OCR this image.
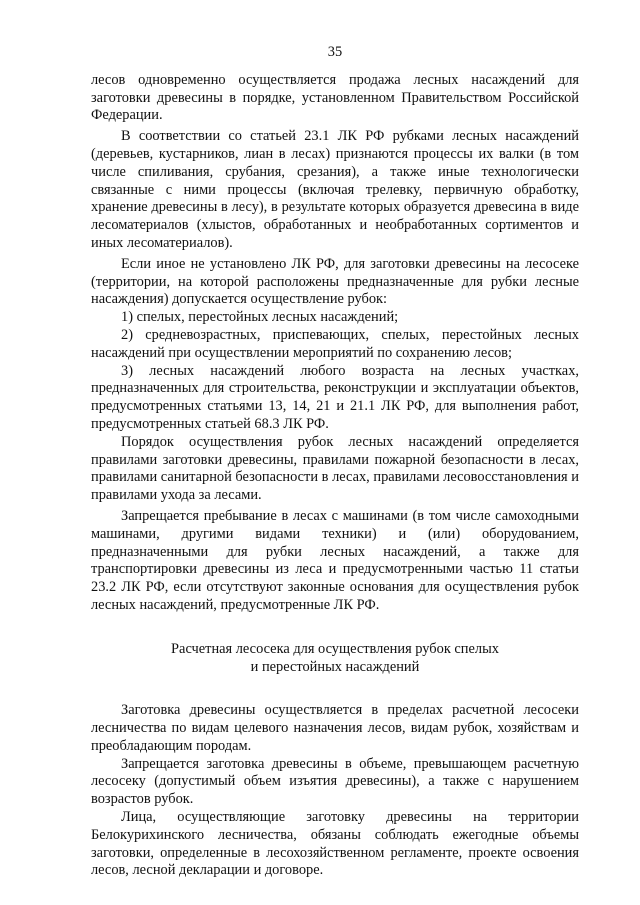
35

лесов одновременно осуществляется продажа лесных насаждений для заготовки древесины в порядке, установленном Правительством Российской Федерации.

В соответствии со статьей 23.1 ЛК РФ рубками лесных насаждений (деревьев, кустарников, лиан в лесах) признаются процессы их валки (в том числе спиливания, срубания, срезания), а также иные технологически связанные с ними процессы (включая трелевку, первичную обработку, хранение древесины в лесу), в результате которых образуется древесина в виде лесоматериалов (хлыстов, обработанных и необработанных сортиментов и иных лесоматериалов).

Если иное не установлено ЛК РФ, для заготовки древесины на лесосеке (территории, на которой расположены предназначенные для рубки лесные насаждения) допускается осуществление рубок:

1) спелых, перестойных лесных насаждений;

2) средневозрастных, приспевающих, спелых, перестойных лесных насаждений при осуществлении мероприятий по сохранению лесов;

3) лесных насаждений любого возраста на лесных участках, предназначенных для строительства, реконструкции и эксплуатации объектов, предусмотренных статьями 13, 14, 21 и 21.1 ЛК РФ, для выполнения работ, предусмотренных статьей 68.3 ЛК РФ.

Порядок осуществления рубок лесных насаждений определяется правилами заготовки древесины, правилами пожарной безопасности в лесах, правилами санитарной безопасности в лесах, правилами лесовосстановления и правилами ухода за лесами.

Запрещается пребывание в лесах с машинами (в том числе самоходными машинами, другими видами техники) и (или) оборудованием, предназначенными для рубки лесных насаждений, а также для транспортировки древесины из леса и предусмотренными частью 11 статьи 23.2 ЛК РФ, если отсутствуют законные основания для осуществления рубок лесных насаждений, предусмотренные ЛК РФ.

Расчетная лесосека для осуществления рубок спелых
и перестойных насаждений

Заготовка древесины осуществляется в пределах расчетной лесосеки лесничества по видам целевого назначения лесов, видам рубок, хозяйствам и преобладающим породам.

Запрещается заготовка древесины в объеме, превышающем расчетную лесосеку (допустимый объем изъятия древесины), а также с нарушением возрастов рубок.

Лица, осуществляющие заготовку древесины на территории Белокурихинского лесничества, обязаны соблюдать ежегодные объемы заготовки, определенные в лесохозяйственном регламенте, проекте освоения лесов, лесной декларации и договоре.
